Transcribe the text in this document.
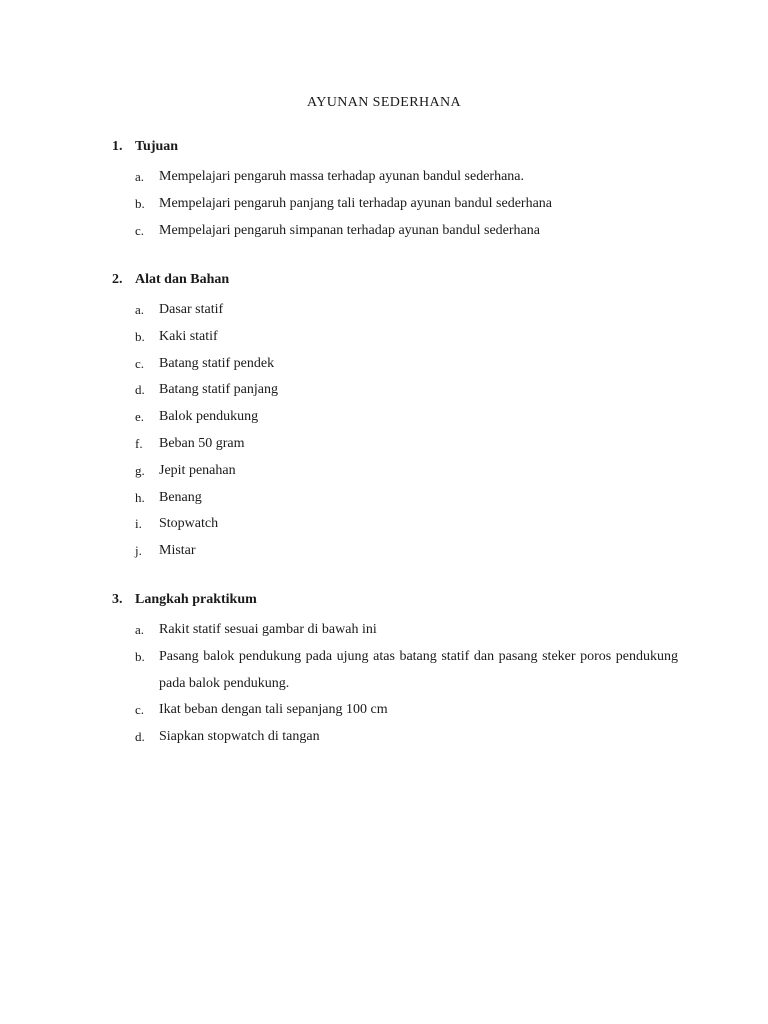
AYUNAN SEDERHANA
1. Tujuan
a.	Mempelajari pengaruh massa terhadap ayunan bandul sederhana.
b.	Mempelajari pengaruh panjang tali terhadap ayunan bandul sederhana
c.	Mempelajari pengaruh simpanan terhadap ayunan bandul sederhana
2. Alat dan Bahan
a.	Dasar statif
b.	Kaki statif
c.	Batang statif pendek
d.	Batang statif panjang
e.	Balok pendukung
f.	Beban 50 gram
g.	Jepit penahan
h.	Benang
i.	Stopwatch
j.	Mistar
3. Langkah praktikum
a.	Rakit statif sesuai gambar di bawah ini
b.	Pasang balok pendukung pada ujung atas batang statif dan pasang steker poros pendukung pada balok pendukung.
c.	Ikat beban dengan tali sepanjang 100 cm
d.	Siapkan stopwatch di tangan
